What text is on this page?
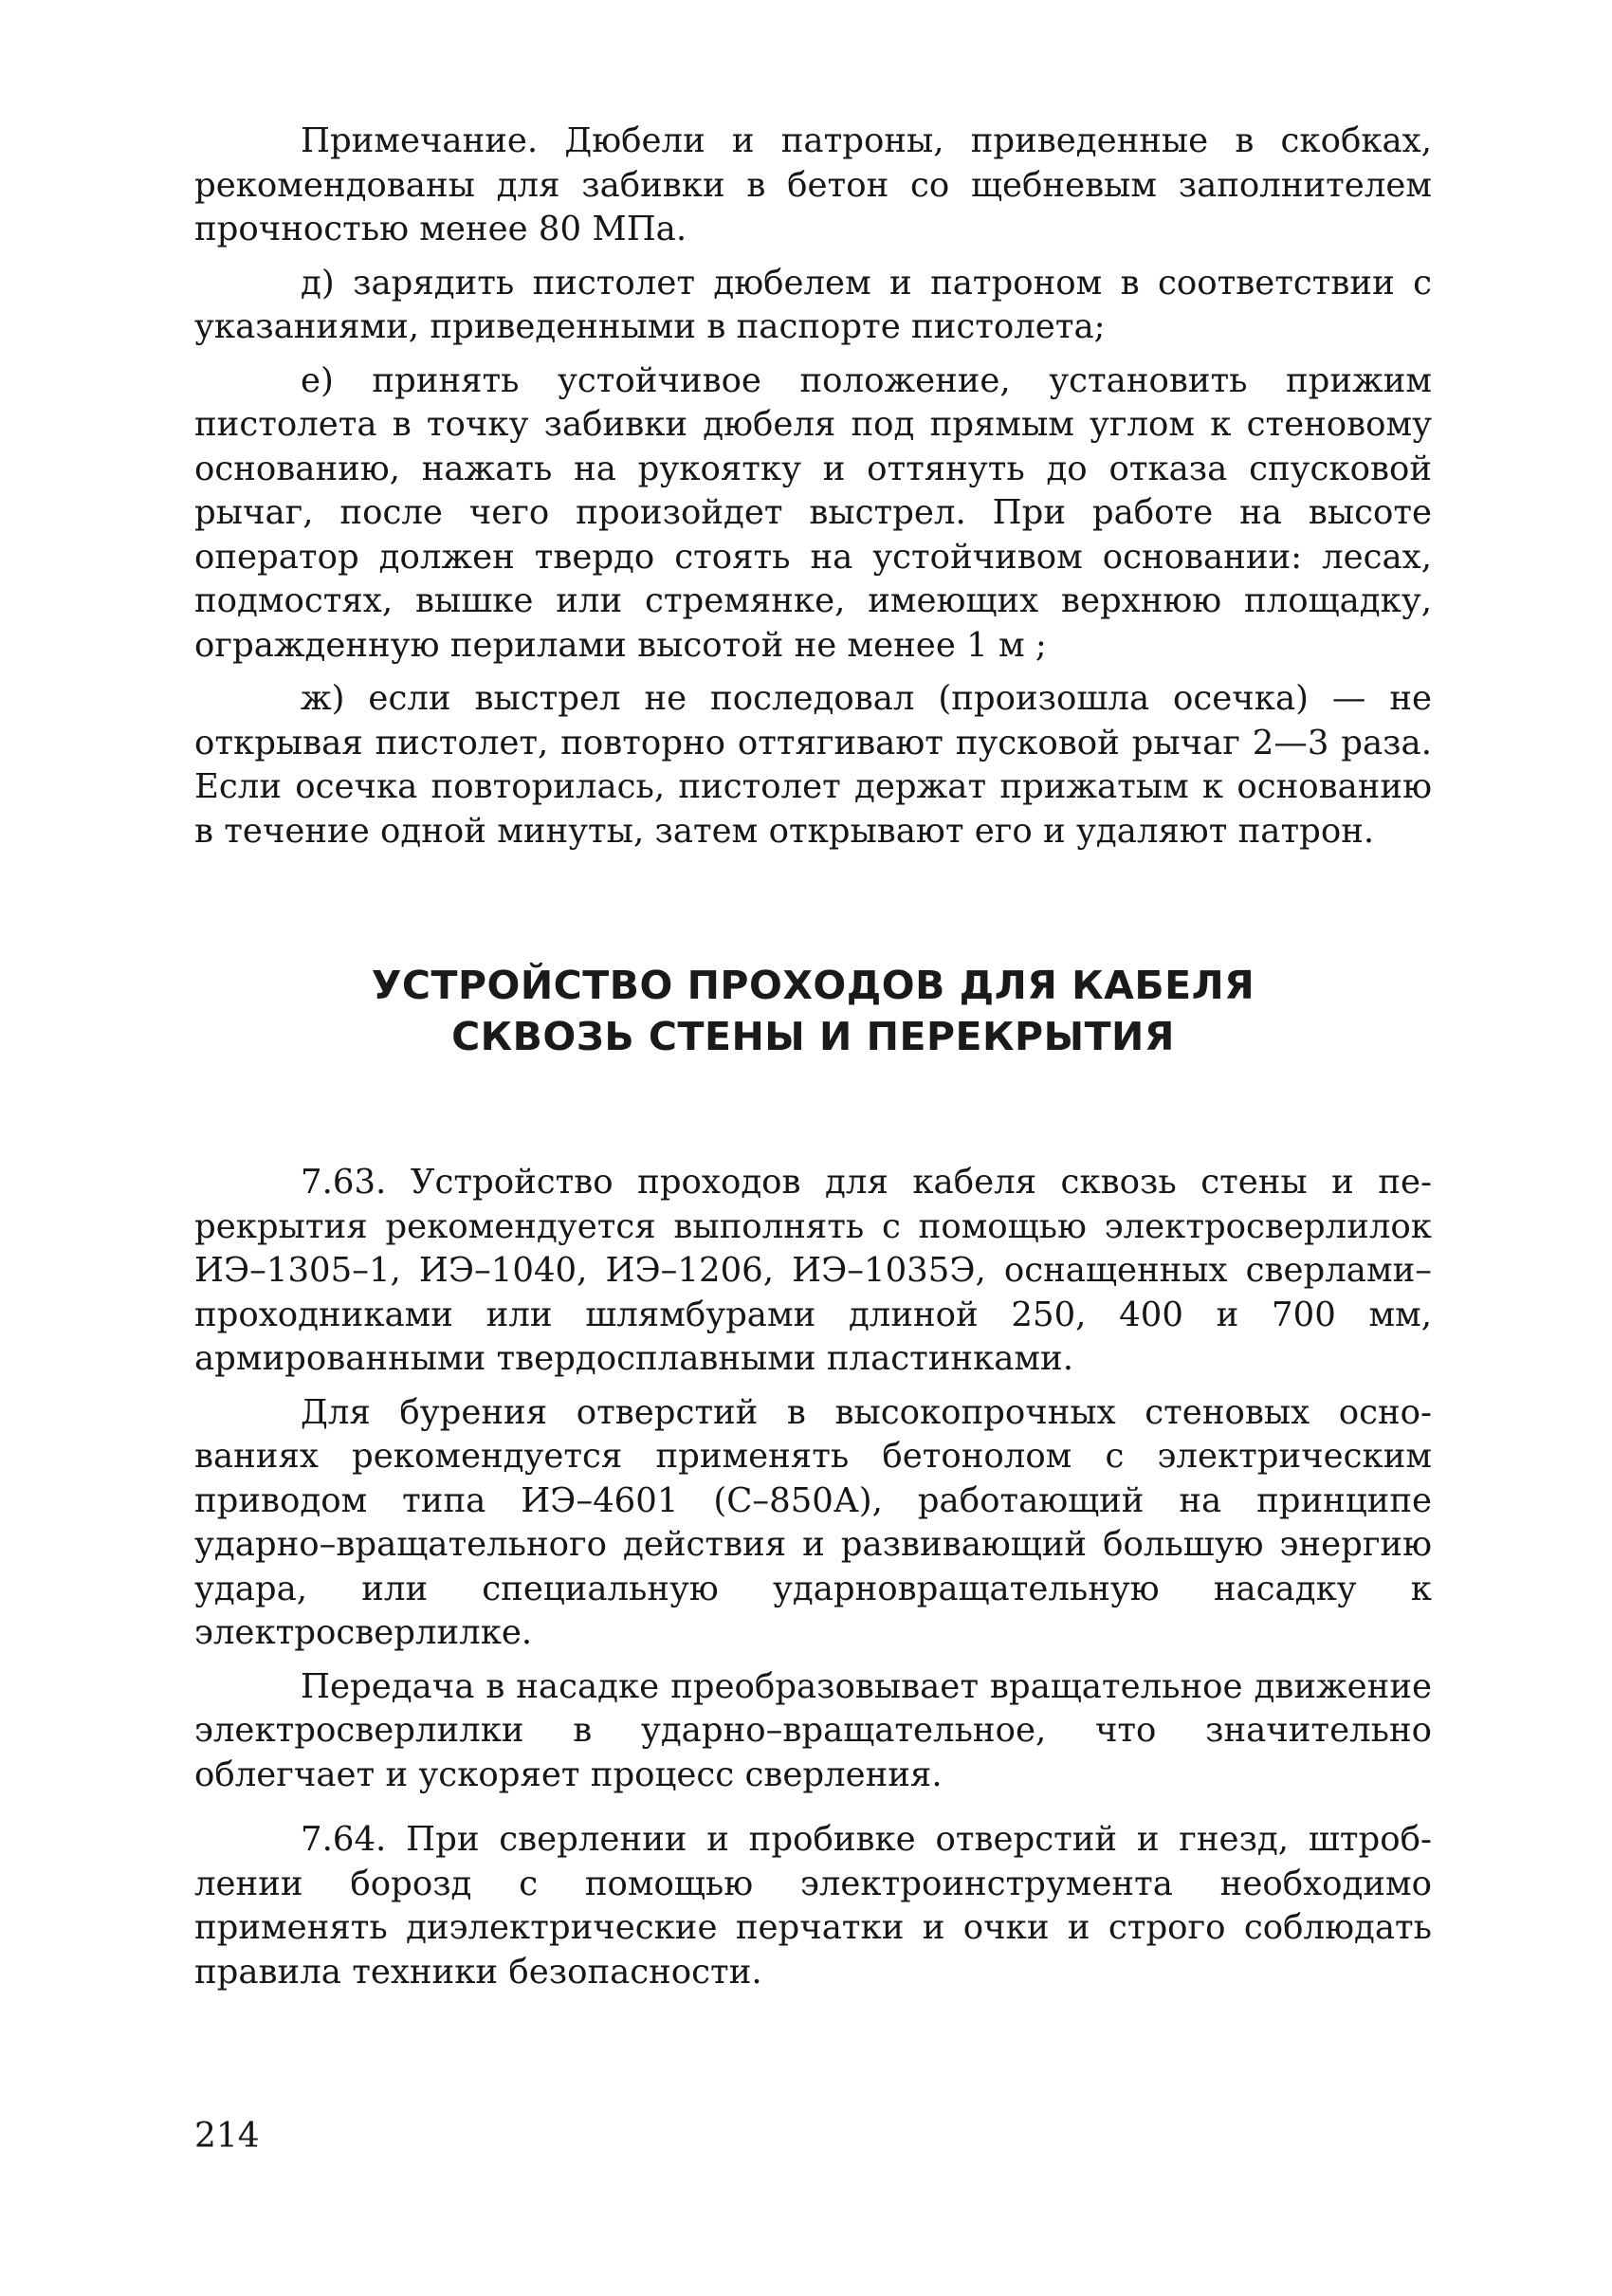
Примечание. Дюбели и патроны, приведенные в скобках, рекомендованы для забивки в бетон со щебневым заполнителем прочностью менее 80 МПа.

д) зарядить пистолет дюбелем и патроном в соответствии с указаниями, приведенными в паспорте пистолета;

е) принять устойчивое положение, установить прижим пистолета в точку забивки дюбеля под прямым углом к стеновому основанию, нажать на рукоятку и оттянуть до отказа спусковой рычаг, после чего произойдет выстрел. При работе на высоте оператор должен твердо стоять на устойчивом основании: лесах, подмостях, вышке или стремянке, имеющих верхнюю площадку, огражденную перилами высотой не менее 1 м ;

ж) если выстрел не последовал (произошла осечка) — не открывая пистолет, повторно оттягивают пусковой рычаг 2—3 раза. Если осечка повторилась, пистолет держат прижатым к основанию в течение одной минуты, затем открывают его и удаляют патрон.

УСТРОЙСТВО ПРОХОДОВ ДЛЯ КАБЕЛЯ
СКВОЗЬ СТЕНЫ И ПЕРЕКРЫТИЯ

7.63. Устройство проходов для кабеля сквозь стены и перекрытия рекомендуется выполнять с помощью электросверлилок ИЭ–1305–1, ИЭ–1040, ИЭ–1206, ИЭ–1035Э, оснащенных сверлами–проходниками или шлямбурами длиной 250, 400 и 700 мм, армированными твердосплавными пластинками.

Для бурения отверстий в высокопрочных стеновых основаниях рекомендуется применять бетонолом с электрическим приводом типа ИЭ–4601 (С–850А), работающий на принципе ударно–вращательного действия и развивающий большую энергию удара, или специальную ударновращательную насадку к электросверлилке.

Передача в насадке преобразовывает вращательное движение электросверлилки в ударно–вращательное, что значительно облегчает и ускоряет процесс сверления.

7.64. При сверлении и пробивке отверстий и гнезд, штроблении борозд с помощью электроинструмента необходимо применять диэлектрические перчатки и очки и строго соблюдать правила техники безопасности.

214
